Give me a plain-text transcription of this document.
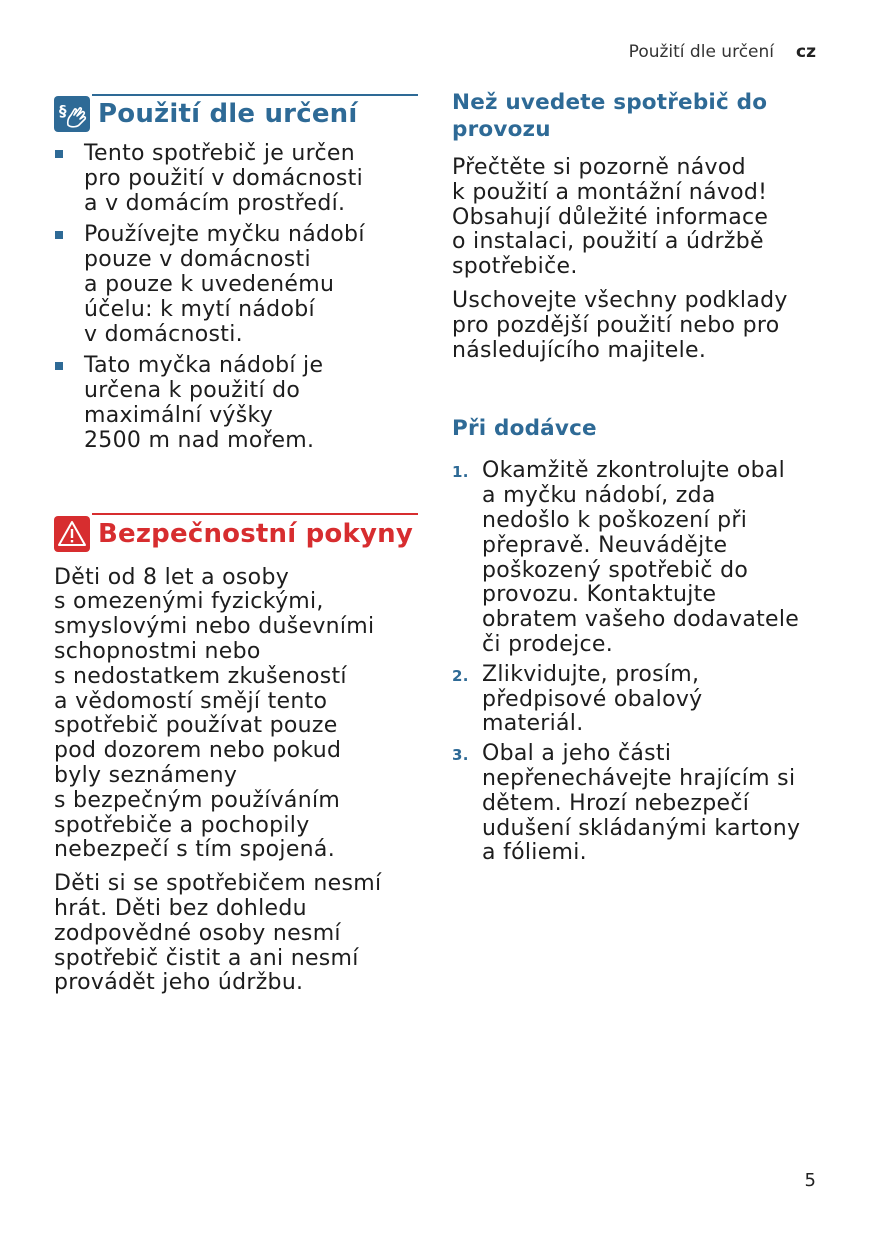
Použití dle určení cz
§ Použití dle určení
Tento spotřebič je určen
pro použití v domácnosti
a v domácím prostředí.
Používejte myčku nádobí
pouze v domácnosti
a pouze k uvedenému
účelu: k mytí nádobí
v domácnosti.
Tato myčka nádobí je
určena k použití do
maximální výšky
2500 m nad mořem.
Bezpečnostní pokyny

Děti od 8 let a osoby
s omezenými fyzickými,
smyslovými nebo duševními
schopnostmi nebo
s nedostatkem zkušeností
a vědomostí smějí tento
spotřebič používat pouze
pod dozorem nebo pokud
byly seznámeny
s bezpečným používáním
spotřebiče a pochopily
nebezpečí s tím spojená.

Děti si se spotřebičem nesmí
hrát. Děti bez dohledu
zodpovědné osoby nesmí
spotřebič čistit a ani nesmí
provádět jeho údržbu.

Než uvedete spotřebič do
provozu

Přečtěte si pozorně návod
k použití a montážní návod!
Obsahují důležité informace
o instalaci, použití a údržbě
spotřebiče.

Uschovejte všechny podklady
pro pozdější použití nebo pro
následujícího majitele.

Při dodávce
1. Okamžitě zkontrolujte obal
a myčku nádobí, zda
nedošlo k poškození při
přepravě. Neuvádějte
poškozený spotřebič do
provozu. Kontaktujte
obratem vašeho dodavatele
či prodejce.
2. Zlikvidujte, prosím,
předpisové obalový
materiál.
3. Obal a jeho části
nepřenechávejte hrajícím si
dětem. Hrozí nebezpečí
udušení skládanými kartony
a fóliemi.
5
